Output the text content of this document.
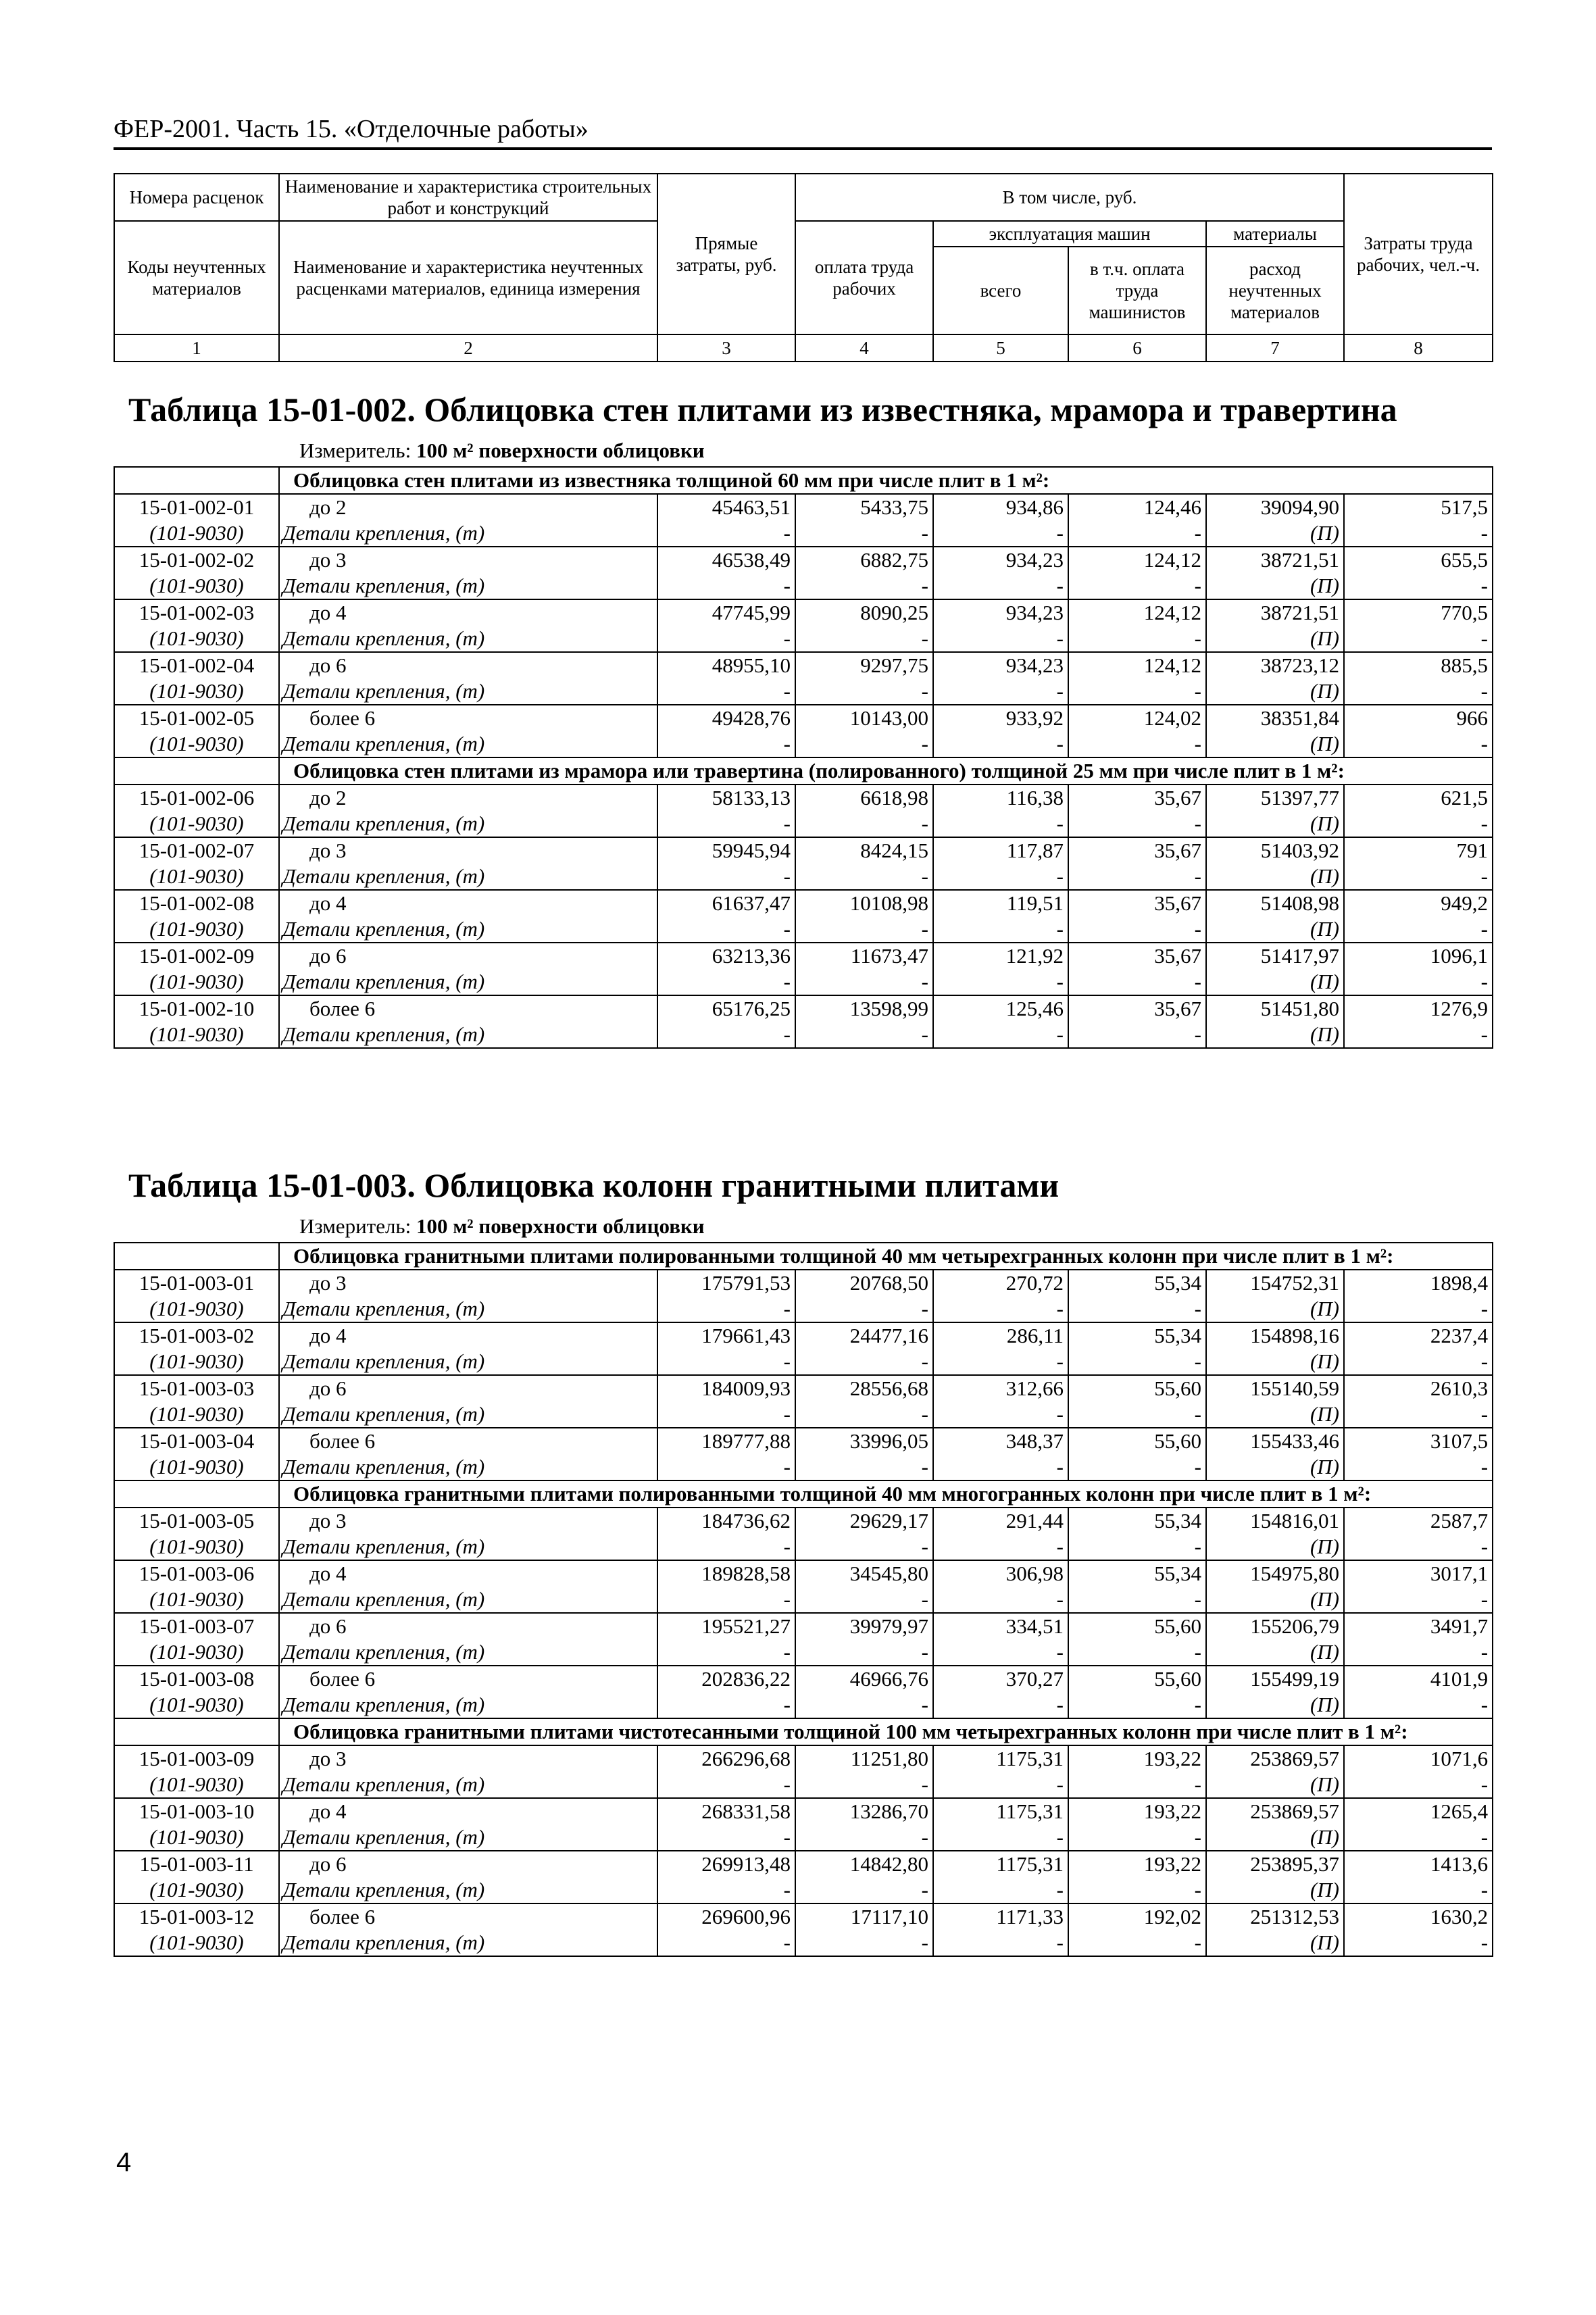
ФЕР-2001. Часть 15. «Отделочные работы»
Номера расценок	Наименование и характеристика строительных работ и конструкций	Прямые затраты, руб.	В том числе, руб.				Затраты труда рабочих, чел.-ч.
Коды неучтенных материалов	Наименование и характеристика неучтенных расценками материалов, единица измерения		оплата труда рабочих	эксплуатация машин		материалы	
				всего	в т.ч. оплата труда машинистов	расход неучтенных материалов	
1	2	3	4	5	6	7	8
Таблица 15-01-002. Облицовка стен плитами из известняка, мрамора и травертина
Измеритель: 100 м² поверхности облицовки
	Облицовка стен плитами из известняка толщиной 60 мм при числе плит в 1 м²:						
15-01-002-01	до 2	45463,51	5433,75	934,86	124,46	39094,90	517,5
(101-9030)	Детали крепления, (т)	-	-	-	-	(П)	-
15-01-002-02	до 3	46538,49	6882,75	934,23	124,12	38721,51	655,5
(101-9030)	Детали крепления, (т)	-	-	-	-	(П)	-
15-01-002-03	до 4	47745,99	8090,25	934,23	124,12	38721,51	770,5
(101-9030)	Детали крепления, (т)	-	-	-	-	(П)	-
15-01-002-04	до 6	48955,10	9297,75	934,23	124,12	38723,12	885,5
(101-9030)	Детали крепления, (т)	-	-	-	-	(П)	-
15-01-002-05	более 6	49428,76	10143,00	933,92	124,02	38351,84	966
(101-9030)	Детали крепления, (т)	-	-	-	-	(П)	-
	Облицовка стен плитами из мрамора или травертина (полированного) толщиной 25 мм при числе плит в 1 м²:						
15-01-002-06	до 2	58133,13	6618,98	116,38	35,67	51397,77	621,5
(101-9030)	Детали крепления, (т)	-	-	-	-	(П)	-
15-01-002-07	до 3	59945,94	8424,15	117,87	35,67	51403,92	791
(101-9030)	Детали крепления, (т)	-	-	-	-	(П)	-
15-01-002-08	до 4	61637,47	10108,98	119,51	35,67	51408,98	949,2
(101-9030)	Детали крепления, (т)	-	-	-	-	(П)	-
15-01-002-09	до 6	63213,36	11673,47	121,92	35,67	51417,97	1096,1
(101-9030)	Детали крепления, (т)	-	-	-	-	(П)	-
15-01-002-10	более 6	65176,25	13598,99	125,46	35,67	51451,80	1276,9
(101-9030)	Детали крепления, (т)	-	-	-	-	(П)	-
Таблица 15-01-003. Облицовка колонн гранитными плитами
Измеритель: 100 м² поверхности облицовки
	Облицовка гранитными плитами полированными толщиной 40 мм четырехгранных колонн при числе плит в 1 м²:						
15-01-003-01	до 3	175791,53	20768,50	270,72	55,34	154752,31	1898,4
(101-9030)	Детали крепления, (т)	-	-	-	-	(П)	-
15-01-003-02	до 4	179661,43	24477,16	286,11	55,34	154898,16	2237,4
(101-9030)	Детали крепления, (т)	-	-	-	-	(П)	-
15-01-003-03	до 6	184009,93	28556,68	312,66	55,60	155140,59	2610,3
(101-9030)	Детали крепления, (т)	-	-	-	-	(П)	-
15-01-003-04	более 6	189777,88	33996,05	348,37	55,60	155433,46	3107,5
(101-9030)	Детали крепления, (т)	-	-	-	-	(П)	-
	Облицовка гранитными плитами полированными толщиной 40 мм многогранных колонн при числе плит в 1 м²:						
15-01-003-05	до 3	184736,62	29629,17	291,44	55,34	154816,01	2587,7
(101-9030)	Детали крепления, (т)	-	-	-	-	(П)	-
15-01-003-06	до 4	189828,58	34545,80	306,98	55,34	154975,80	3017,1
(101-9030)	Детали крепления, (т)	-	-	-	-	(П)	-
15-01-003-07	до 6	195521,27	39979,97	334,51	55,60	155206,79	3491,7
(101-9030)	Детали крепления, (т)	-	-	-	-	(П)	-
15-01-003-08	более 6	202836,22	46966,76	370,27	55,60	155499,19	4101,9
(101-9030)	Детали крепления, (т)	-	-	-	-	(П)	-
	Облицовка гранитными плитами чистотесанными толщиной 100 мм четырехгранных колонн при числе плит в 1 м²:						
15-01-003-09	до 3	266296,68	11251,80	1175,31	193,22	253869,57	1071,6
(101-9030)	Детали крепления, (т)	-	-	-	-	(П)	-
15-01-003-10	до 4	268331,58	13286,70	1175,31	193,22	253869,57	1265,4
(101-9030)	Детали крепления, (т)	-	-	-	-	(П)	-
15-01-003-11	до 6	269913,48	14842,80	1175,31	193,22	253895,37	1413,6
(101-9030)	Детали крепления, (т)	-	-	-	-	(П)	-
15-01-003-12	более 6	269600,96	17117,10	1171,33	192,02	251312,53	1630,2
(101-9030)	Детали крепления, (т)	-	-	-	-	(П)	-
4
